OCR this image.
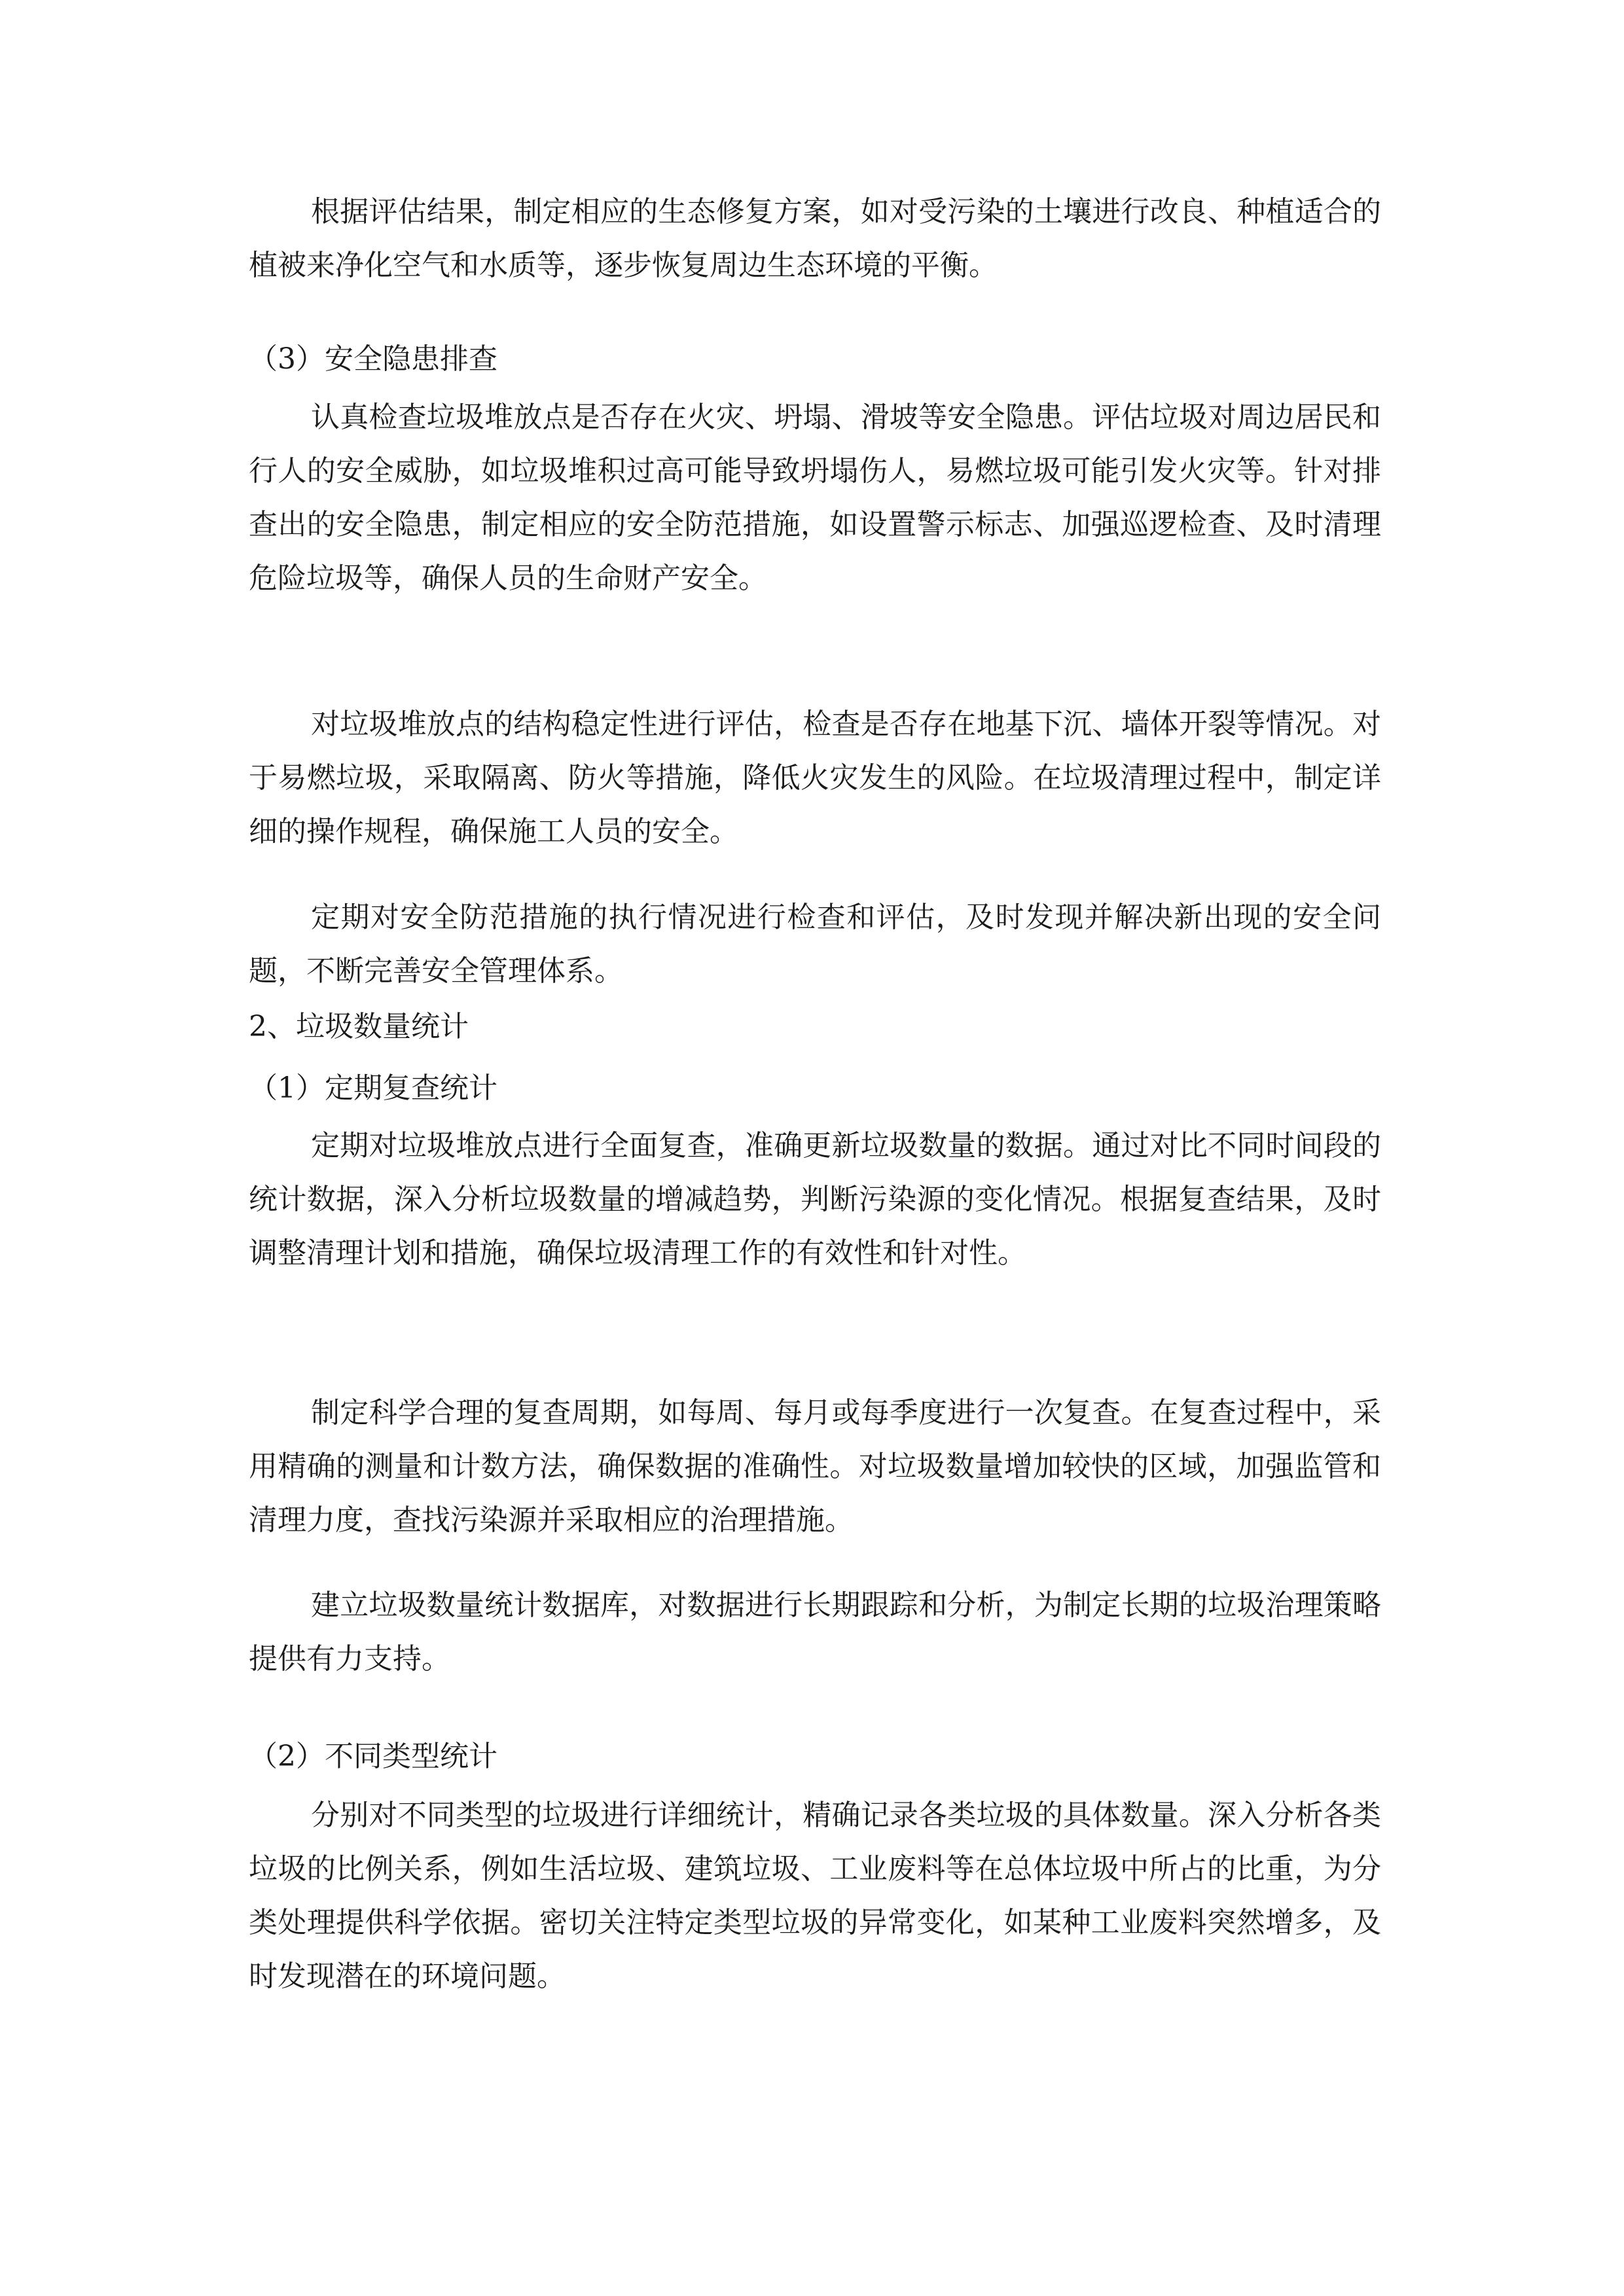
根据评估结果，制定相应的生态修复方案，如对受污染的土壤进行改良、种植适合的植被来净化空气和水质等，逐步恢复周边生态环境的平衡。

（3）安全隐患排查

认真检查垃圾堆放点是否存在火灾、坍塌、滑坡等安全隐患。评估垃圾对周边居民和行人的安全威胁，如垃圾堆积过高可能导致坍塌伤人，易燃垃圾可能引发火灾等。针对排查出的安全隐患，制定相应的安全防范措施，如设置警示标志、加强巡逻检查、及时清理危险垃圾等，确保人员的生命财产安全。

对垃圾堆放点的结构稳定性进行评估，检查是否存在地基下沉、墙体开裂等情况。对于易燃垃圾，采取隔离、防火等措施，降低火灾发生的风险。在垃圾清理过程中，制定详细的操作规程，确保施工人员的安全。

定期对安全防范措施的执行情况进行检查和评估，及时发现并解决新出现的安全问题，不断完善安全管理体系。

2、垃圾数量统计

（1）定期复查统计

定期对垃圾堆放点进行全面复查，准确更新垃圾数量的数据。通过对比不同时间段的统计数据，深入分析垃圾数量的增减趋势，判断污染源的变化情况。根据复查结果，及时调整清理计划和措施，确保垃圾清理工作的有效性和针对性。

制定科学合理的复查周期，如每周、每月或每季度进行一次复查。在复查过程中，采用精确的测量和计数方法，确保数据的准确性。对垃圾数量增加较快的区域，加强监管和清理力度，查找污染源并采取相应的治理措施。

建立垃圾数量统计数据库，对数据进行长期跟踪和分析，为制定长期的垃圾治理策略提供有力支持。

（2）不同类型统计

分别对不同类型的垃圾进行详细统计，精确记录各类垃圾的具体数量。深入分析各类垃圾的比例关系，例如生活垃圾、建筑垃圾、工业废料等在总体垃圾中所占的比重，为分类处理提供科学依据。密切关注特定类型垃圾的异常变化，如某种工业废料突然增多，及时发现潜在的环境问题。
